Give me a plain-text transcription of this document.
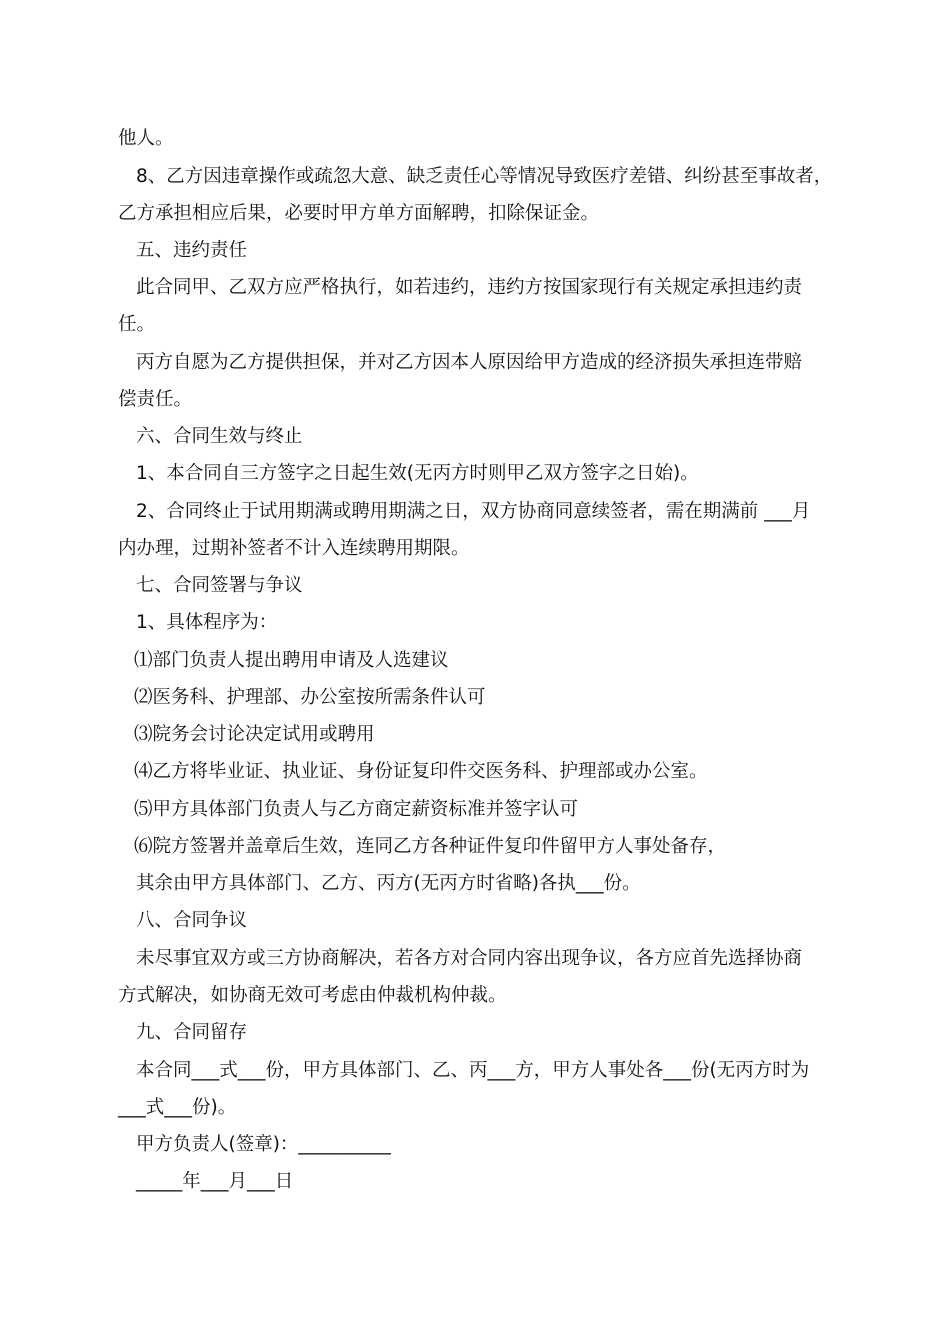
他人。

8、乙方因违章操作或疏忽大意、缺乏责任心等情况导致医疗差错、纠纷甚至事故者，

乙方承担相应后果，必要时甲方单方面解聘，扣除保证金。

五、违约责任

此合同甲、乙双方应严格执行，如若违约，违约方按国家现行有关规定承担违约责

任。

丙方自愿为乙方提供担保，并对乙方因本人原因给甲方造成的经济损失承担连带赔

偿责任。

六、合同生效与终止

1、本合同自三方签字之日起生效(无丙方时则甲乙双方签字之日始)。

2、合同终止于试用期满或聘用期满之日，双方协商同意续签者，需在期满前 ___月

内办理，过期补签者不计入连续聘用期限。

七、合同签署与争议

1、具体程序为：

⑴部门负责人提出聘用申请及人选建议

⑵医务科、护理部、办公室按所需条件认可

⑶院务会讨论决定试用或聘用

⑷乙方将毕业证、执业证、身份证复印件交医务科、护理部或办公室。

⑸甲方具体部门负责人与乙方商定薪资标准并签字认可

⑹院方签署并盖章后生效，连同乙方各种证件复印件留甲方人事处备存，

其余由甲方具体部门、乙方、丙方(无丙方时省略)各执___份。

八、合同争议

未尽事宜双方或三方协商解决，若各方对合同内容出现争议，各方应首先选择协商

方式解决，如协商无效可考虑由仲裁机构仲裁。

九、合同留存

本合同___式___份，甲方具体部门、乙、丙___方，甲方人事处各___份(无丙方时为

___式___份)。

甲方负责人(签章)：__________

_____年___月___日
